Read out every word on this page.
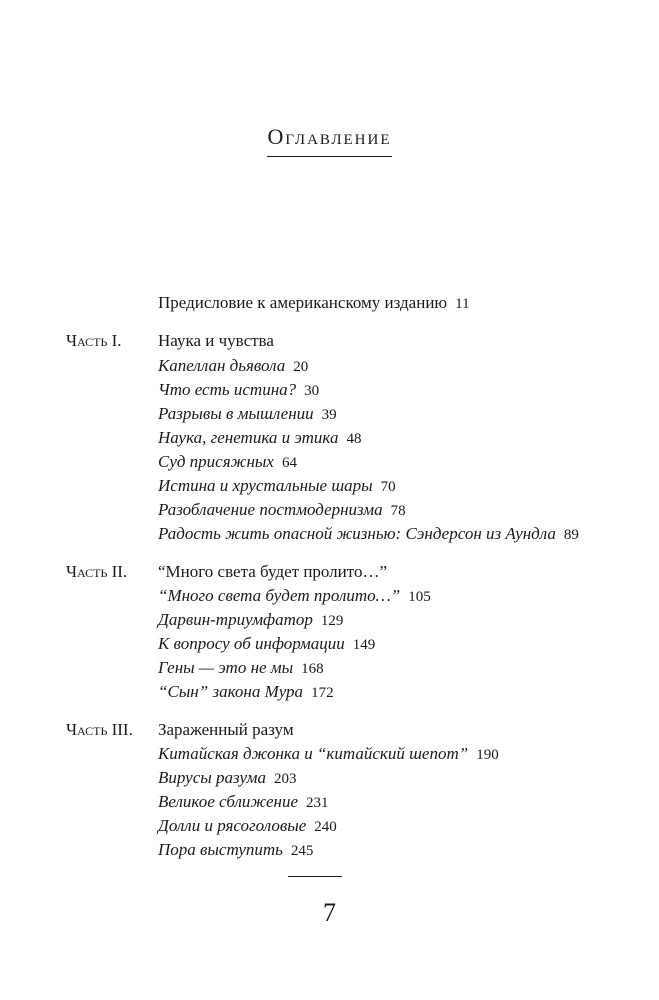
Оглавление
Предисловие к американскому изданию 11
Часть I. Наука и чувства
Капеллан дьявола 20
Что есть истина? 30
Разрывы в мышлении 39
Наука, генетика и этика 48
Суд присяжных 64
Истина и хрустальные шары 70
Разоблачение постмодернизма 78
Радость жить опасной жизнью: Сэндерсон из Аундла 89
Часть II. “Много света будет пролито…”
“Много света будет пролито…” 105
Дарвин-триумфатор 129
К вопросу об информации 149
Гены — это не мы 168
“Сын” закона Мура 172
Часть III. Зараженный разум
Китайская джонка и “китайский шепот” 190
Вирусы разума 203
Великое сближение 231
Долли и рясоголовые 240
Пора выступить 245
7
